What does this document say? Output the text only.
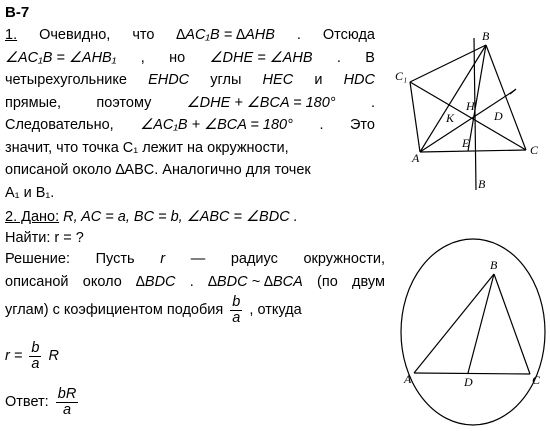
В-7
1. Очевидно, что ∆AC₁B = ∆AHB . Отсюда
∠AC₁B = ∠AHB₁ , но ∠DHE = ∠AHB . В
четырехугольнике EHDC углы HEC и HDC
прямые, поэтому ∠DHE + ∠BCA = 180° .
Следовательно, ∠AC₁B + ∠BCA = 180° . Это
значит, что точка C₁ лежит на окружности,
описаной около ∆ABC. Аналогично для точек
A₁ и B₁.
2. Дано: R, AC = a, BC = b, ∠ABC = ∠BDC .
Найти: r = ?
Решение: Пусть r — радиус окружности,
описаной около ∆BDC . ∆BDC ~ ∆BCA (по двум
углам) с коэфициентом подобия $\frac{b}{a}$ , откуда
$r = \frac{b}{a}$ R
Ответ: $\frac{bR}{a}$
B
C₁
H
K	D
A
E	C
B
B
A	D	C
